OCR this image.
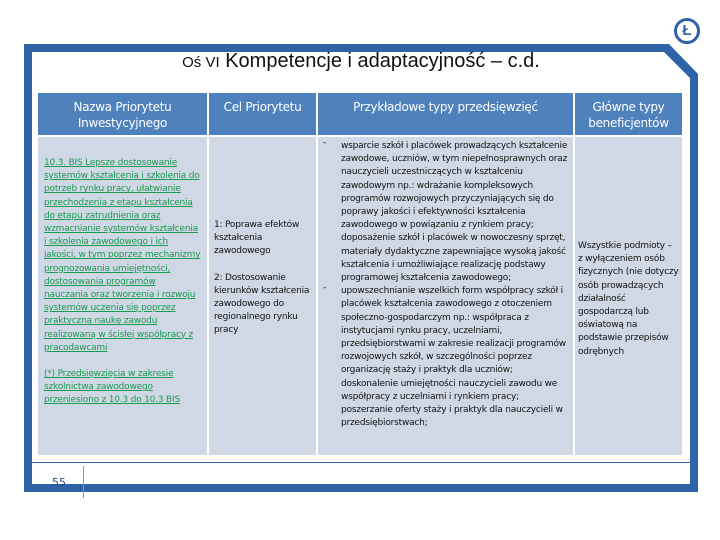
Ł
Oś VI Kompetencje i adaptacyjność – c.d.
Nazwa Priorytetu Inwestycyjnego
Cel Priorytetu	Przykładowe typy przedsięwzięć	Główne typy beneficjentów
10.3. BIS Lepsze dostosowanie systemów kształcenia i szkolenia do potrzeb rynku pracy, ułatwianie przechodzenia z etapu kształcenia do etapu zatrudnienia oraz wzmacnianie systemów kształcenia i szkolenia zawodowego i ich jakości, w tym poprzez mechanizmy prognozowania umiejętności, dostosowania programów nauczania oraz tworzenia i rozwoju systemów uczenia się poprzez praktyczną naukę zawodu realizowaną w ścisłej współpracy z pracodawcami
(*) Przedsięwzięcia w zakresie szkolnictwa zawodowego przeniesiono z 10.3 do 10.3 BIS
1: Poprawa efektów kształcenia zawodowego
2: Dostosowanie kierunków kształcenia zawodowego do regionalnego rynku pracy
- wsparcie szkół i placówek prowadzących kształcenie zawodowe, uczniów, w tym niepełnosprawnych oraz nauczycieli uczestniczących w kształceniu zawodowym np.: wdrażanie kompleksowych programów rozwojowych przyczyniających się do poprawy jakości i efektywności kształcenia zawodowego w powiązaniu z rynkiem pracy; doposażenie szkół i placówek w nowoczesny sprzęt, materiały dydaktyczne zapewniające wysoką jakość kształcenia i umożliwiające realizację podstawy programowej kształcenia zawodowego;
- upowszechnianie wszelkich form współpracy szkół i placówek kształcenia zawodowego z otoczeniem społeczno-gospodarczym np.: współpraca z instytucjami rynku pracy, uczelniami, przedsiębiorstwami w zakresie realizacji programów rozwojowych szkół, w szczególności poprzez organizację staży i praktyk dla uczniów; doskonalenie umiejętności nauczycieli zawodu we współpracy z uczelniami i rynkiem pracy; poszerzanie oferty staży i praktyk dla nauczycieli w przedsiębiorstwach;
Wszystkie podmioty – z wyłączeniem osób fizycznych (nie dotyczy osób prowadzących działalność gospodarczą lub oświatową na podstawie przepisów odrębnych
55
